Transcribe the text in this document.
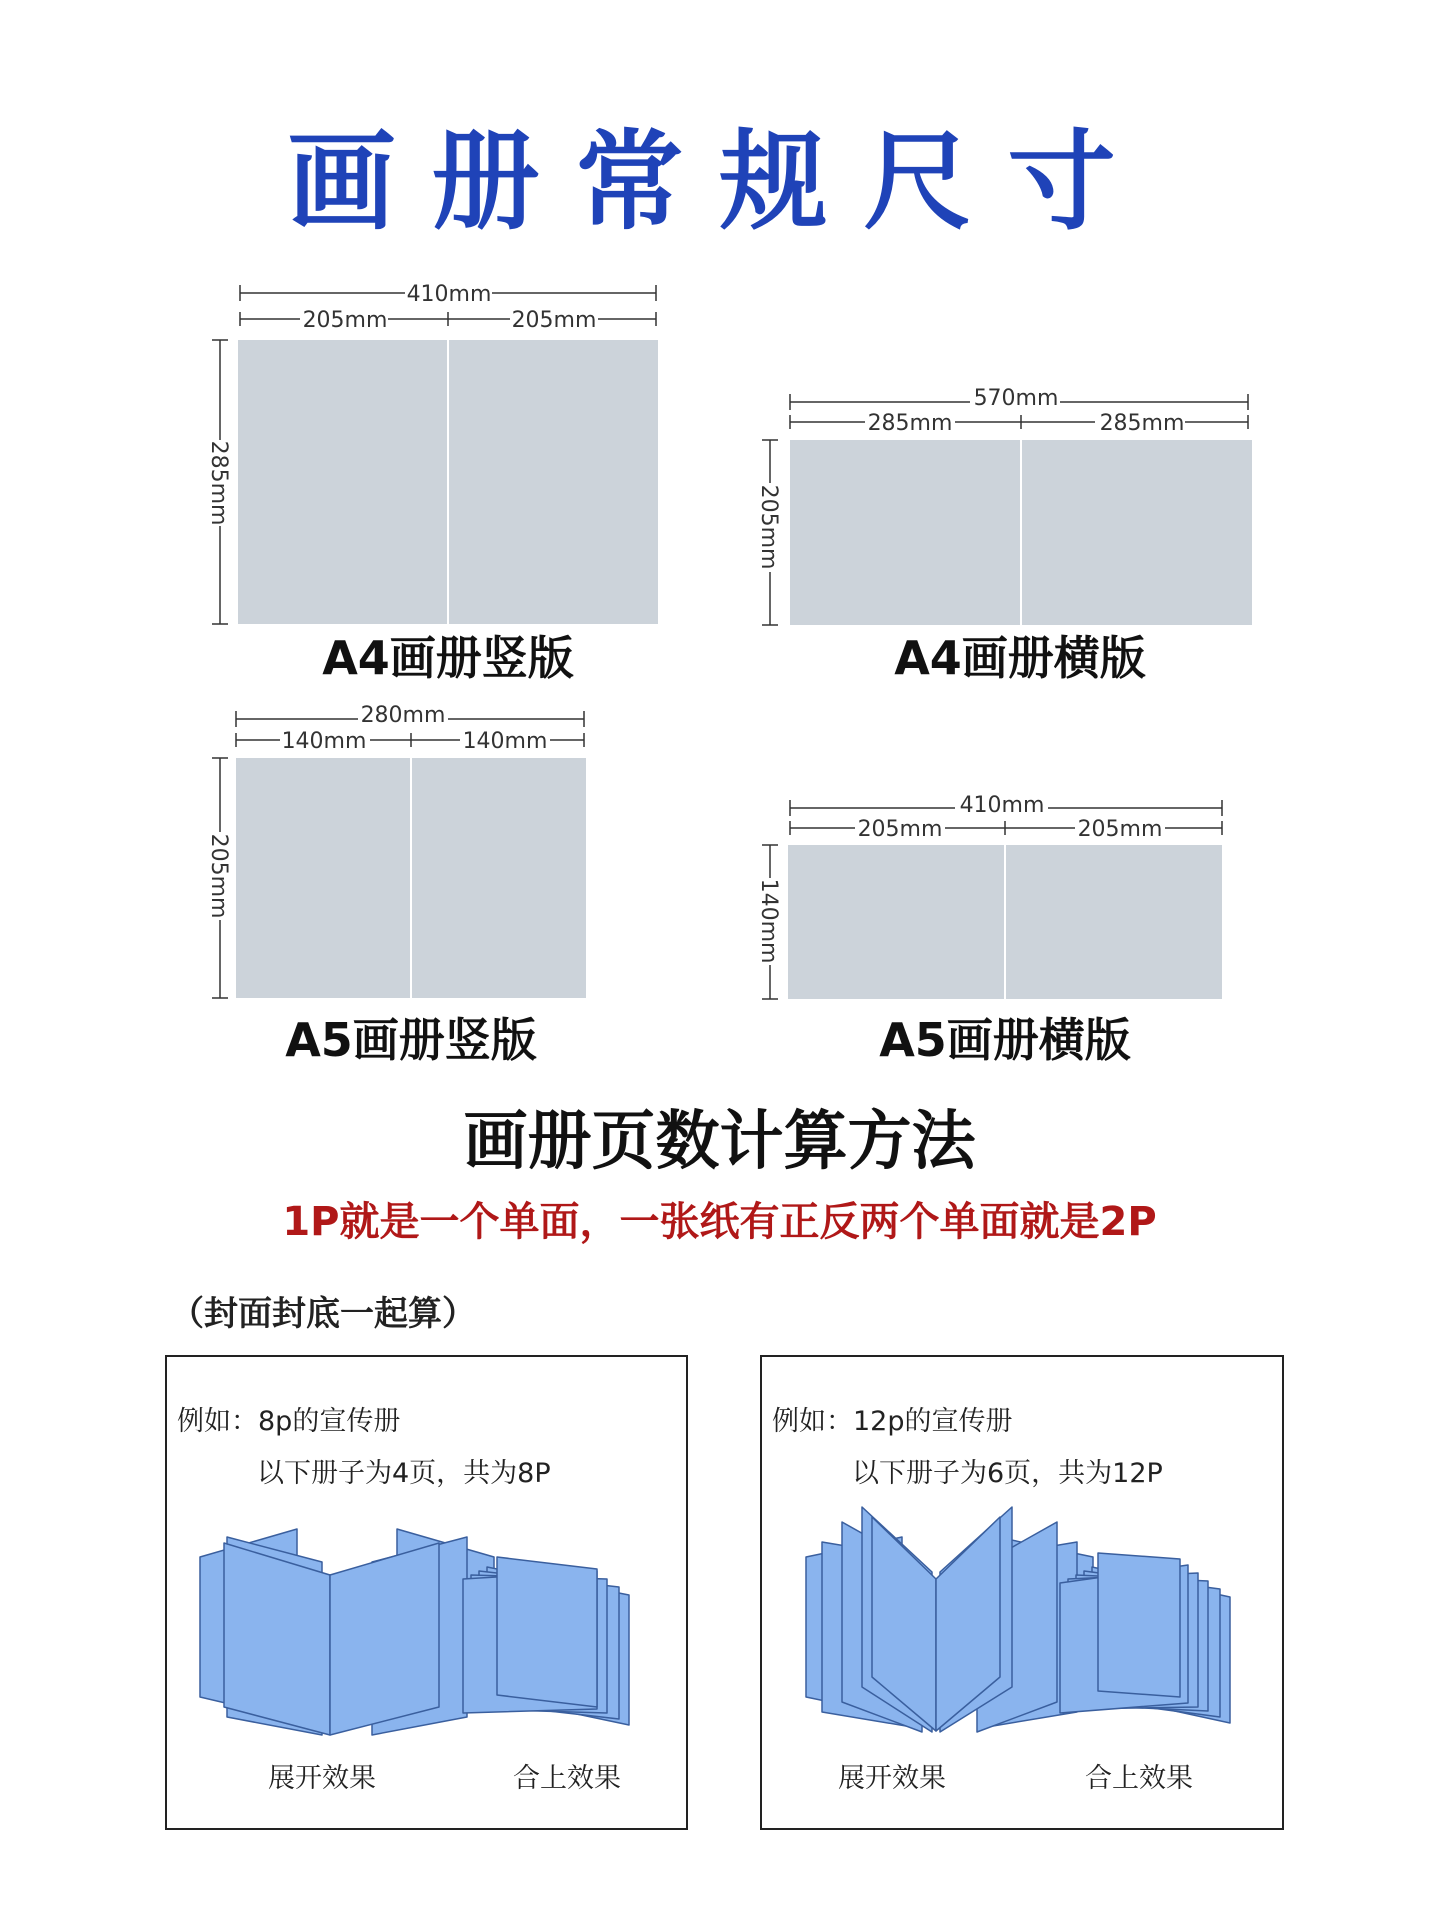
画册常规尺寸
410mm
205mm	205mm
285mm
570mm
285mm	285mm
205mm
280mm
140mm	140mm
205mm
410mm
205mm	205mm
140mm
A4画册竖版	A4画册横版
A5画册竖版	A5画册横版
画册页数计算方法
1P就是一个单面，一张纸有正反两个单面就是2P
（封面封底一起算）
例如：8p的宣传册
以下册子为4页，共为8P
展开效果	合上效果
例如：12p的宣传册
以下册子为6页，共为12P
展开效果	合上效果
